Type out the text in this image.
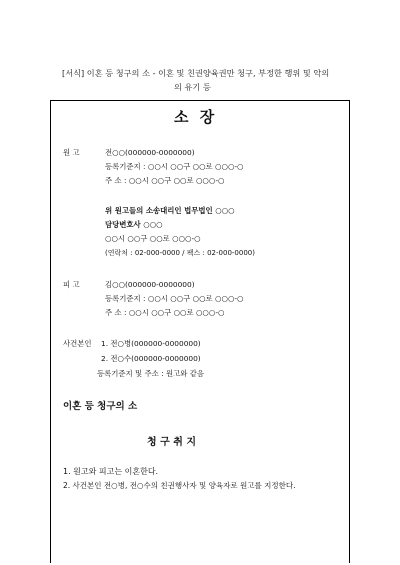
[서식] 이혼 등 청구의 소 - 이혼 및 친권양육권만 청구, 부정한 행위 및 악의
의 유기 등
소 장
원 고	전○○(000000-0000000)
등록기준지 : ○○시 ○○구 ○○로 ○○○-○
주 소 : ○○시 ○○구 ○○로 ○○○-○
위 원고들의 소송대리인 법무법인 ○○○
담당변호사 ○○○
○○시 ○○구 ○○로 ○○○-○
(연락처 : 02-000-0000 / 팩스 : 02-000-0000)
피 고	김○○(000000-0000000)
등록기준지 : ○○시 ○○구 ○○로 ○○○-○
주 소 : ○○시 ○○구 ○○로 ○○○-○
사건본인 1. 전○병(000000-0000000)
2. 전○수(000000-0000000)
등록기준지 및 주소 : 원고와 같음
이혼 등 청구의 소
청 구 취 지
1. 원고와 피고는 이혼한다.
2. 사건본인 전○병, 전○수의 친권행사자 및 양육자로 원고를 지정한다.
